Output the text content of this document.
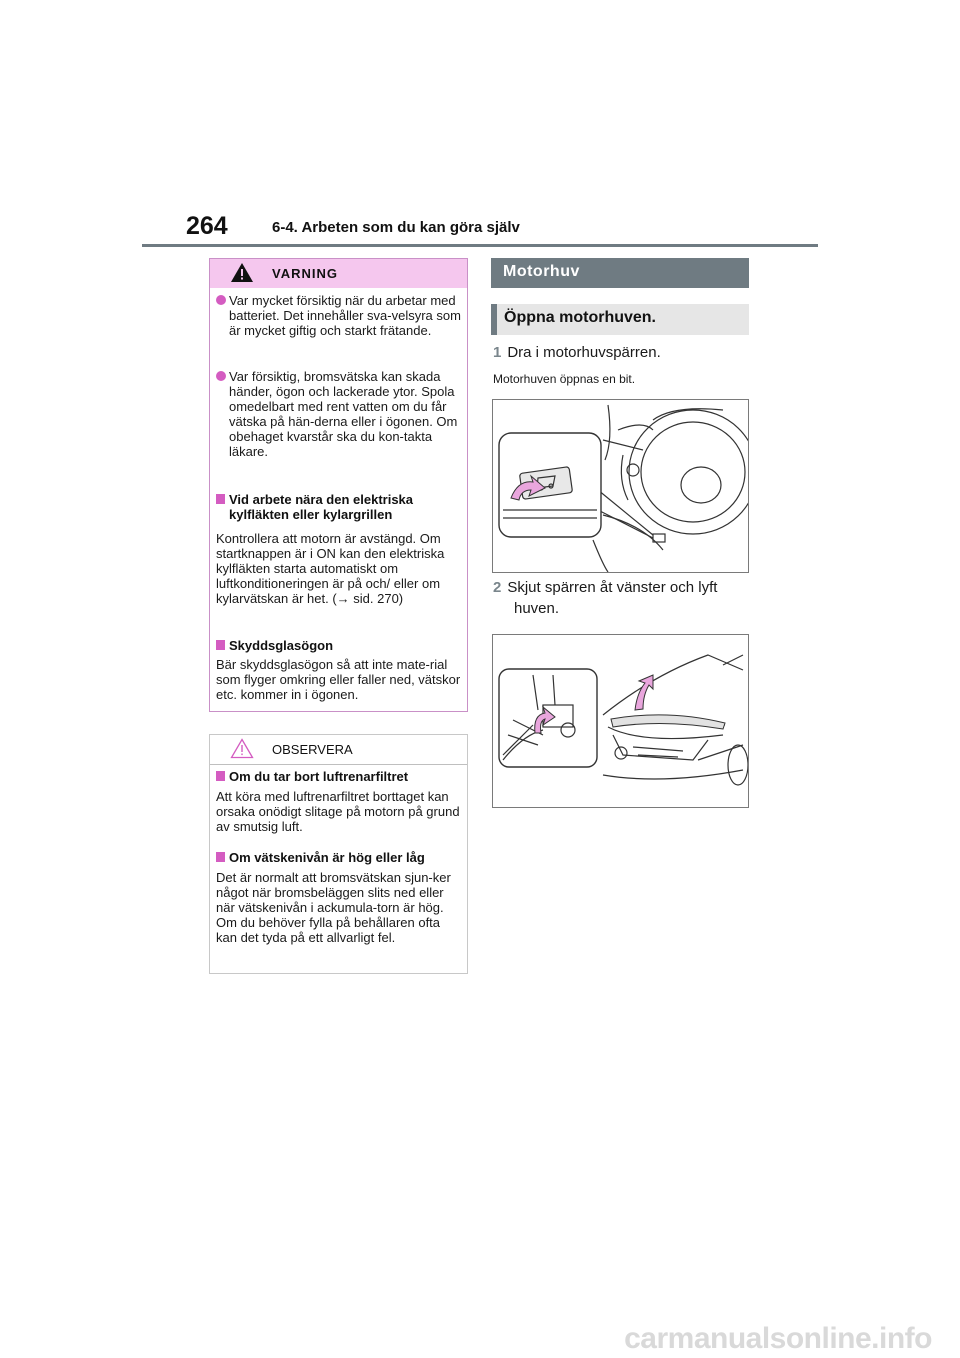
264	6-4. Arbeten som du kan göra själv
VARNING
Var mycket försiktig när du arbetar med batteriet. Det innehåller sva-velsyra som är mycket giftig och starkt frätande.
Var försiktig, bromsvätska kan skada händer, ögon och lackerade ytor. Spola omedelbart med rent vatten om du får vätska på hän-derna eller i ögonen. Om obehaget kvarstår ska du kon-takta läkare.
Vid arbete nära den elektriska kylfläkten eller kylargrillen
Kontrollera att motorn är avstängd. Om startknappen är i ON kan den elektriska kylfläkten starta automatiskt om luftkonditioneringen är på och/ eller om kylarvätskan är het. (→ sid. 270)
Skyddsglasögon
Bär skyddsglasögon så att inte mate-rial som flyger omkring eller faller ned, vätskor etc. kommer in i ögonen.
OBSERVERA
Om du tar bort luftrenarfiltret
Att köra med luftrenarfiltret borttaget kan orsaka onödigt slitage på motorn på grund av smutsig luft.
Om vätskenivån är hög eller låg
Det är normalt att bromsvätskan sjun-ker något när bromsbeläggen slits ned eller när vätskenivån i ackumula-torn är hög. Om du behöver fylla på behållaren ofta kan det tyda på ett allvarligt fel.
Motorhuv
Öppna motorhuven.
1 Dra i motorhuvspärren.
Motorhuven öppnas en bit.
2 Skjut spärren åt vänster och lyft
huven.
carmanualsonline.info
